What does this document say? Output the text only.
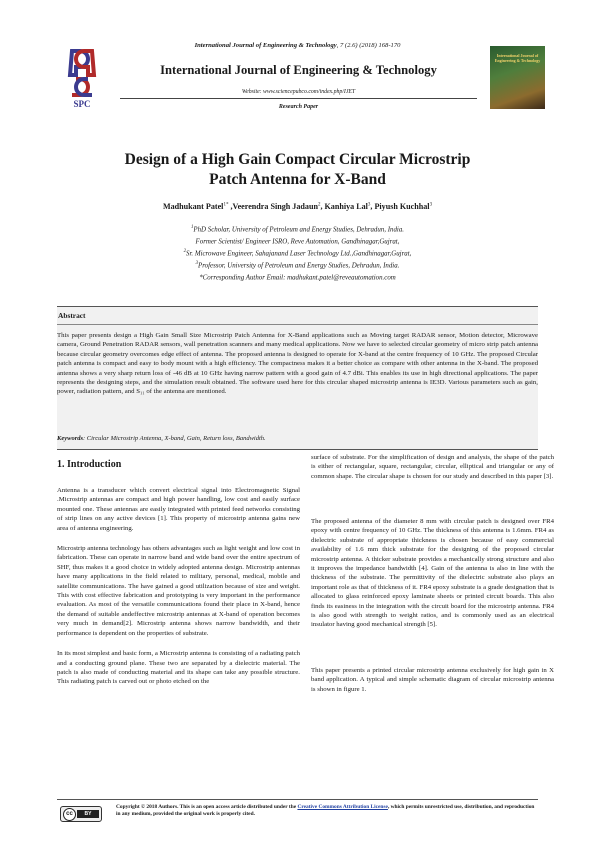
International Journal of Engineering & Technology, 7 (2.6) (2018) 168-170
SPC
International Journal of Engineering & Technology
Website: www.sciencepubco.com/index.php/IJET
Research Paper
International Journal of Engineering & Technology
Design of a High Gain Compact Circular Microstrip
Patch Antenna for X-Band
Madhukant Patel$^{1*}$ ,Veerendra Singh Jadaun$^2$, Kanhiya Lal$^3$, Piyush Kuchhal$^3$
$^1$PhD Scholar, University of Petroleum and Energy Studies, Dehradun, India.
Former Scientist/ Engineer ISRO, Reve Automation, Gandhinagar,Gujrat,
$^2$Sr. Microwave Engineer, Sahajanand Laser Technology Ltd.,Gandhinagar,Gujrat,
$^3$Professor, University of Petroleum and Energy Studies, Dehradun, India.
*Corresponding Author Email: madhukant.patel@reveautomation.com
Abstract
This paper presents design a High Gain Small Size Microstrip Patch Antenna for X-Band applications such as Moving target RADAR sensor, Motion detector, Microwave camera, Ground Penetration RADAR sensors, wall penetration scanners and many medical applications. Now we have to selected circular geometry of micro strip patch antenna because circular geometry overcomes edge effect of antenna. The proposed antenna is designed to operate for X-band at the centre frequency of 10 GHz. The proposed Circular patch antenna is compact and easy to body mount with a high efficiency. The compactness makes it a better choice as compare with other antenna in the X-band. The proposed antenna shows a very sharp return loss of -46 dB at 10 GHz having narrow pattern with a good gain of 4.7 dBi. This enables its use in high directional applications. The paper represents the designing steps, and the simulation result obtained. The software used here for this circular shaped microstrip antenna is IE3D. Various parameters such as gain, power, radiation pattern, and S₁₁ of the antenna are mentioned.
Keywords: Circular Microstrip Antenna, X-band, Gain, Return loss, Bandwidth.
1. Introduction

Antenna is a transducer which convert electrical signal into Electromagnetic Signal .Microstrip antennas are compact and high power handling, low cost and easily surface mounted one. These antennas are easily integrated with printed feed networks consisting of strip lines on any active devices [1]. This property of microstrip antenna gains new area of antenna engineering.

Microstrip antenna technology has others advantages such as light weight and low cost in fabrication. These can operate in narrow band and wide band over the entire spectrum of SHF, thus makes it a good choice in widely adopted antenna design. Microstrip antennas have many applications in the field related to military, personal, medical, mobile and satellite communications. The have gained a good utilization because of size and weight. This with cost effective fabrication and prototyping is very important in the performance evaluation. As most of the versatile communications found their place in X-band, hence the demand of suitable andeffective microstrip antennas at X-band of operation becomes very much in demand[2]. Microstrip antenna shows narrow bandwidth, and their performance is dependent on the properties of substrate.

In its most simplest and basic form, a Microstrip antenna is consisting of a radiating patch and a conducting ground plane. These two are separated by a dielectric material. The patch is also made of conducting material and its shape can take any possible structure. This radiating patch is carved out or photo etched on the

surface of substrate. For the simplification of design and analysis, the shape of the patch is either of rectangular, square, rectangular, circular, elliptical and triangular or any of common shape. The circular shape is chosen for our study and described in this paper [3].
The proposed antenna of the diameter 8 mm with circular patch is designed over FR4 epoxy with centre frequency of 10 GHz. The thickness of this antenna is 1.6mm. FR4 as dielectric substrate of appropriate thickness is chosen because of easy commercial availability of 1.6 mm thick substrate for the designing of the proposed circular microstrip antenna. A thicker substrate provides a mechanically strong structure and also it improves the impedance bandwidth [4]. Gain of the antenna is also in line with the thickness of the substrate. The permittivity of the dielectric substrate also plays an important role as that of thickness of it. FR4 epoxy substrate is a grade designation that is allocated to glass reinforced epoxy laminate sheets or printed circuit boards. This also finds its easiness in the integration with the circuit board for the microstrip antenna. FR4 is also good with strength to weight ratios, and is commonly used as an electrical insulator having good mechanical strength [5].
This paper presents a printed circular microstrip antenna exclusively for high gain in X band application. A typical and simple schematic diagram of circular microstrip antenna is shown in figure 1.
cc	BY
Copyright © 2018 Authors. This is an open access article distributed under the Creative Commons Attribution License, which permits unrestricted use, distribution, and reproduction in any medium, provided the original work is properly cited.
